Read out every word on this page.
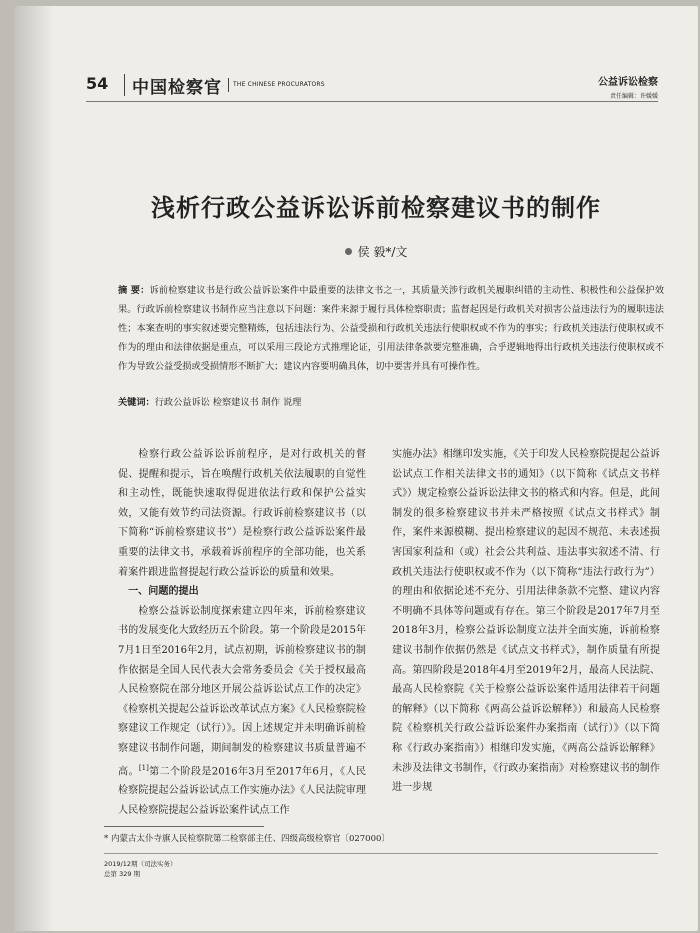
54 中国检察官 THE CHINESE PROCURATORS	公益诉讼检察
责任编辑：许媛媛
浅析行政公益诉讼诉前检察建议书的制作
侯 毅*/文
摘 要：诉前检察建议书是行政公益诉讼案件中最重要的法律文书之一，其质量关涉行政机关履职纠错的主动性、积极性和公益保护效果。行政诉前检察建议书制作应当注意以下问题：案件来源于履行具体检察职责；监督起因是行政机关对损害公益违法行为的履职违法性；本案查明的事实叙述要完整精炼，包括违法行为、公益受损和行政机关违法行使职权或不作为的事实；行政机关违法行使职权或不作为的理由和法律依据是重点，可以采用三段论方式推理论证，引用法律条款要完整准确，合乎逻辑地得出行政机关违法行使职权或不作为导致公益受损或受损情形不断扩大；建议内容要明确具体，切中要害并具有可操作性。
关键词：行政公益诉讼 检察建议书 制作 说理

检察行政公益诉讼诉前程序，是对行政机关的督促、提醒和提示，旨在唤醒行政机关依法履职的自觉性和主动性，既能快速取得促进依法行政和保护公益实效，又能有效节约司法资源。行政诉前检察建议书（以下简称“诉前检察建议书”）是检察行政公益诉讼案件最重要的法律文书，承载着诉前程序的全部功能，也关系着案件跟进监督提起行政公益诉讼的质量和效果。

一、问题的提出

检察公益诉讼制度探索建立四年来，诉前检察建议书的发展变化大致经历五个阶段。第一个阶段是2015年7月1日至2016年2月，试点初期，诉前检察建议书的制作依据是全国人民代表大会常务委员会《关于授权最高人民检察院在部分地区开展公益诉讼试点工作的决定》《检察机关提起公益诉讼改革试点方案》《人民检察院检察建议工作规定（试行）》。因上述规定并未明确诉前检察建议书制作问题，期间制发的检察建议书质量普遍不高。[1]第二个阶段是2016年3月至2017年6月，《人民检察院提起公益诉讼试点工作实施办法》《人民法院审理人民检察院提起公益诉讼案件试点工作

实施办法》相继印发实施，《关于印发人民检察院提起公益诉讼试点工作相关法律文书的通知》（以下简称《试点文书样式》）规定检察公益诉讼法律文书的格式和内容。但是，此间制发的很多检察建议书并未严格按照《试点文书样式》制作，案件来源模糊、提出检察建议的起因不规范、未表述损害国家利益和（或）社会公共利益、违法事实叙述不清、行政机关违法行使职权或不作为（以下简称“违法行政行为”）的理由和依据论述不充分、引用法律条款不完整、建议内容不明确不具体等问题或有存在。第三个阶段是2017年7月至2018年3月，检察公益诉讼制度立法并全面实施，诉前检察建议书制作依据仍然是《试点文书样式》，制作质量有所提高。第四阶段是2018年4月至2019年2月，最高人民法院、最高人民检察院《关于检察公益诉讼案件适用法律若干问题的解释》（以下简称《两高公益诉讼解释》）和最高人民检察院《检察机关行政公益诉讼案件办案指南（试行）》（以下简称《行政办案指南》）相继印发实施，《两高公益诉讼解释》未涉及法律文书制作，《行政办案指南》对检察建议书的制作进一步规

* 内蒙古太仆寺旗人民检察院第二检察部主任、四级高级检察官〔027000〕
2019/12期（司法实务）
总第 329 期
